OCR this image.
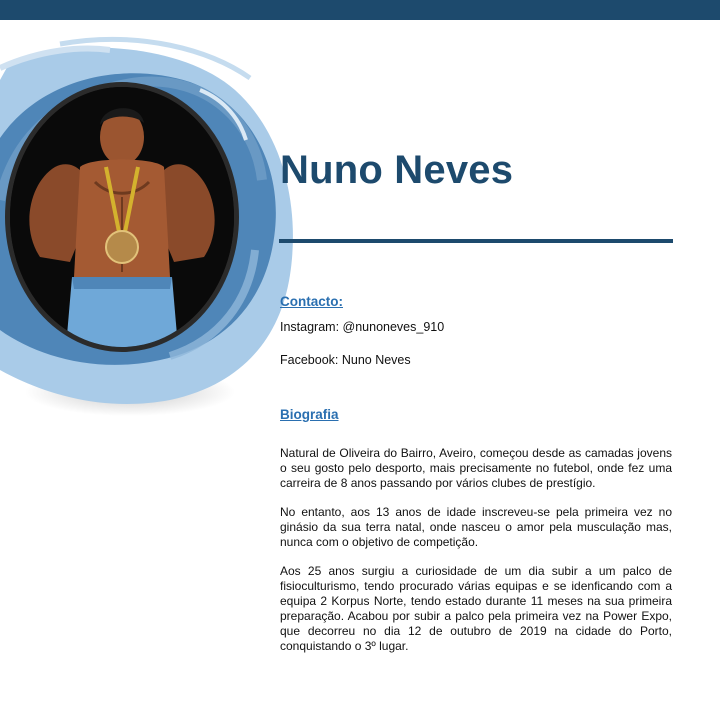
Nuno Neves
Contacto:

Instagram: @nunoneves_910

Facebook: Nuno Neves

Biografia

Natural de Oliveira do Bairro, Aveiro, começou desde as camadas jovens o seu gosto pelo desporto, mais precisamente no futebol, onde fez uma carreira de 8 anos passando por vários clubes de prestígio.

No entanto, aos 13 anos de idade inscreveu-se pela primeira vez no ginásio da sua terra natal, onde nasceu o amor pela musculação mas, nunca com o objetivo de competição.

Aos 25 anos surgiu a curiosidade de um dia subir a um palco de fisioculturismo, tendo procurado várias equipas e se idenficando com a equipa 2 Korpus Norte, tendo estado durante 11 meses na sua primeira preparação. Acabou por subir a palco pela primeira vez na Power Expo, que decorreu no dia 12 de outubro de 2019 na cidade do Porto, conquistando o 3º lugar.
